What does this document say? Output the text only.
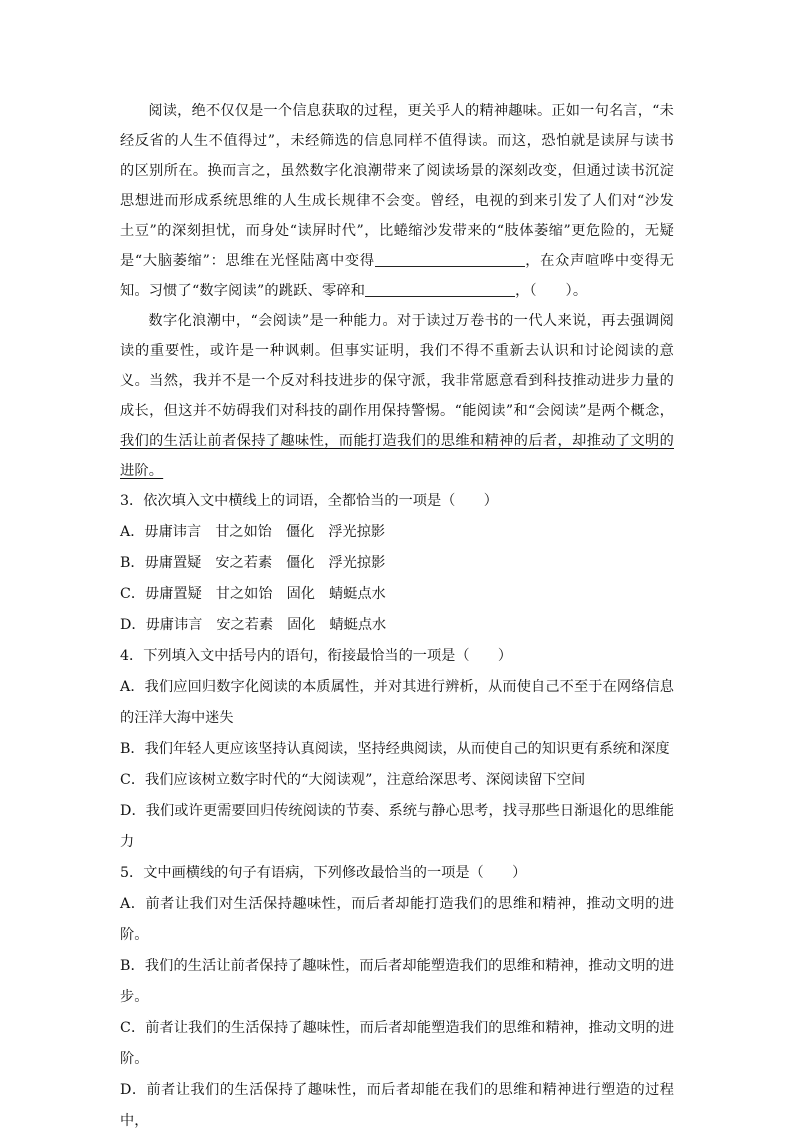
阅读，绝不仅仅是一个信息获取的过程，更关乎人的精神趣味。正如一句名言，“未经反省的人生不值得过”，未经筛选的信息同样不值得读。而这，恐怕就是读屏与读书的区别所在。换而言之，虽然数字化浪潮带来了阅读场景的深刻改变，但通过读书沉淀思想进而形成系统思维的人生成长规律不会变。曾经，电视的到来引发了人们对“沙发土豆”的深刻担忧，而身处“读屏时代”，比蜷缩沙发带来的“肢体萎缩”更危险的，无疑是“大脑萎缩”：思维在光怪陆离中变得	，在众声喧哗中变得无知。习惯了“数字阅读”的跳跃、零碎和	，（　　）。

数字化浪潮中，“会阅读”是一种能力。对于读过万卷书的一代人来说，再去强调阅读的重要性，或许是一种讽刺。但事实证明，我们不得不重新去认识和讨论阅读的意义。当然，我并不是一个反对科技进步的保守派，我非常愿意看到科技推动进步力量的成长，但这并不妨碍我们对科技的副作用保持警惕。“能阅读”和“会阅读”是两个概念，我们的生活让前者保持了趣味性，而能打造我们的思维和精神的后者，却推动了文明的进阶。

3．依次填入文中横线上的词语，全都恰当的一项是（　　）

A．毋庸讳言 甘之如饴 僵化 浮光掠影

B．毋庸置疑 安之若素 僵化 浮光掠影

C．毋庸置疑 甘之如饴 固化 蜻蜓点水

D．毋庸讳言 安之若素 固化 蜻蜓点水

4．下列填入文中括号内的语句，衔接最恰当的一项是（　　）

A．我们应回归数字化阅读的本质属性，并对其进行辨析，从而使自己不至于在网络信息的汪洋大海中迷失

B．我们年轻人更应该坚持认真阅读，坚持经典阅读，从而使自己的知识更有系统和深度

C．我们应该树立数字时代的“大阅读观”，注意给深思考、深阅读留下空间

D．我们或许更需要回归传统阅读的节奏、系统与静心思考，找寻那些日渐退化的思维能力

5．文中画横线的句子有语病，下列修改最恰当的一项是（　　）

A．前者让我们对生活保持趣味性，而后者却能打造我们的思维和精神，推动文明的进阶。

B．我们的生活让前者保持了趣味性，而后者却能塑造我们的思维和精神，推动文明的进步。

C．前者让我们的生活保持了趣味性，而后者却能塑造我们的思维和精神，推动文明的进阶。

D．前者让我们的生活保持了趣味性，而后者却能在我们的思维和精神进行塑造的过程中，
